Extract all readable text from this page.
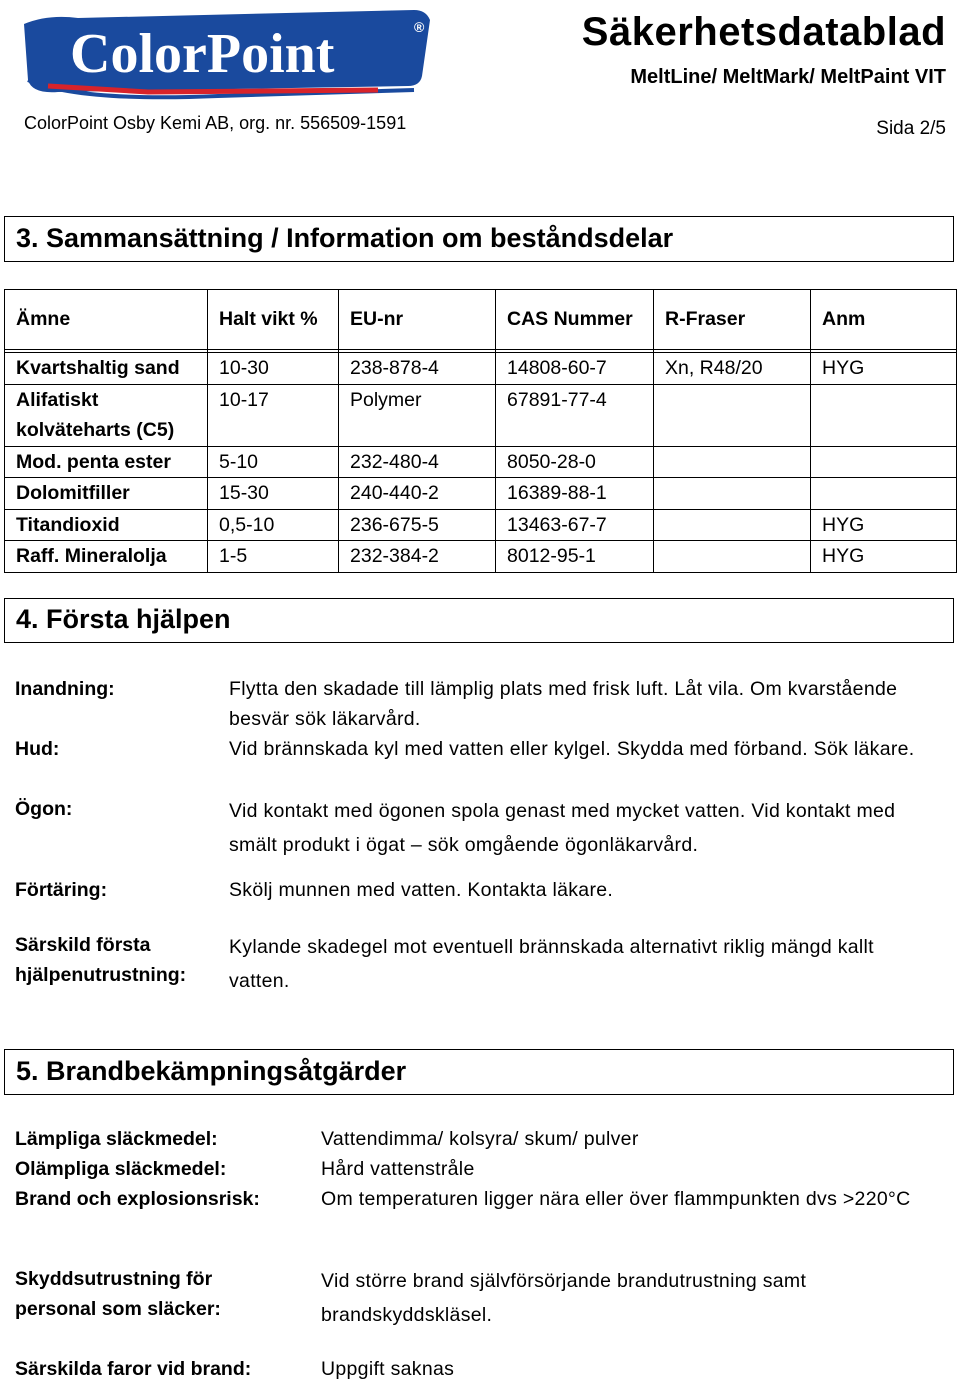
ColorPoint	®	Säkerhetsdatablad
MeltLine/ MeltMark/ MeltPaint VIT
ColorPoint Osby Kemi AB, org. nr. 556509-1591	Sida 2/5
3. Sammansättning / Information om beståndsdelar
Ämne	Halt vikt %	EU-nr	CAS Nummer	R-Fraser	Anm

Kvartshaltig sand	10-30	238-878-4	14808-60-7	Xn, R48/20	HYG
Alifatiskt kolväteharts (C5)	10-17	Polymer	67891-77-4		
Mod. penta ester	5-10	232-480-4	8050-28-0		
Dolomitfiller	15-30	240-440-2	16389-88-1		
Titandioxid	0,5-10	236-675-5	13463-67-7		HYG
Raff. Mineralolja	1-5	232-384-2	8012-95-1		HYG
4. Första hjälpen
Inandning:	Flytta den skadade till lämplig plats med frisk luft. Låt vila. Om kvarstående besvär sök läkarvård.
Hud:	Vid brännskada kyl med vatten eller kylgel. Skydda med förband. Sök läkare.
Ögon:	Vid kontakt med ögonen spola genast med mycket vatten. Vid kontakt med smält produkt i ögat – sök omgående ögonläkarvård.
Förtäring:	Skölj munnen med vatten. Kontakta läkare.
Särskild första hjälpenutrustning:
Kylande skadegel mot eventuell brännskada alternativt riklig mängd kallt vatten.
5. Brandbekämpningsåtgärder
Lämpliga släckmedel:	Vattendimma/ kolsyra/ skum/ pulver
Olämpliga släckmedel:	Hård vattenstråle
Brand och explosionsrisk:	Om temperaturen ligger nära eller över flammpunkten dvs >220°C
Skyddsutrustning för personal som släcker:
Vid större brand självförsörjande brandutrustning samt brandskyddskläsel.
Särskilda faror vid brand:	Uppgift saknas
